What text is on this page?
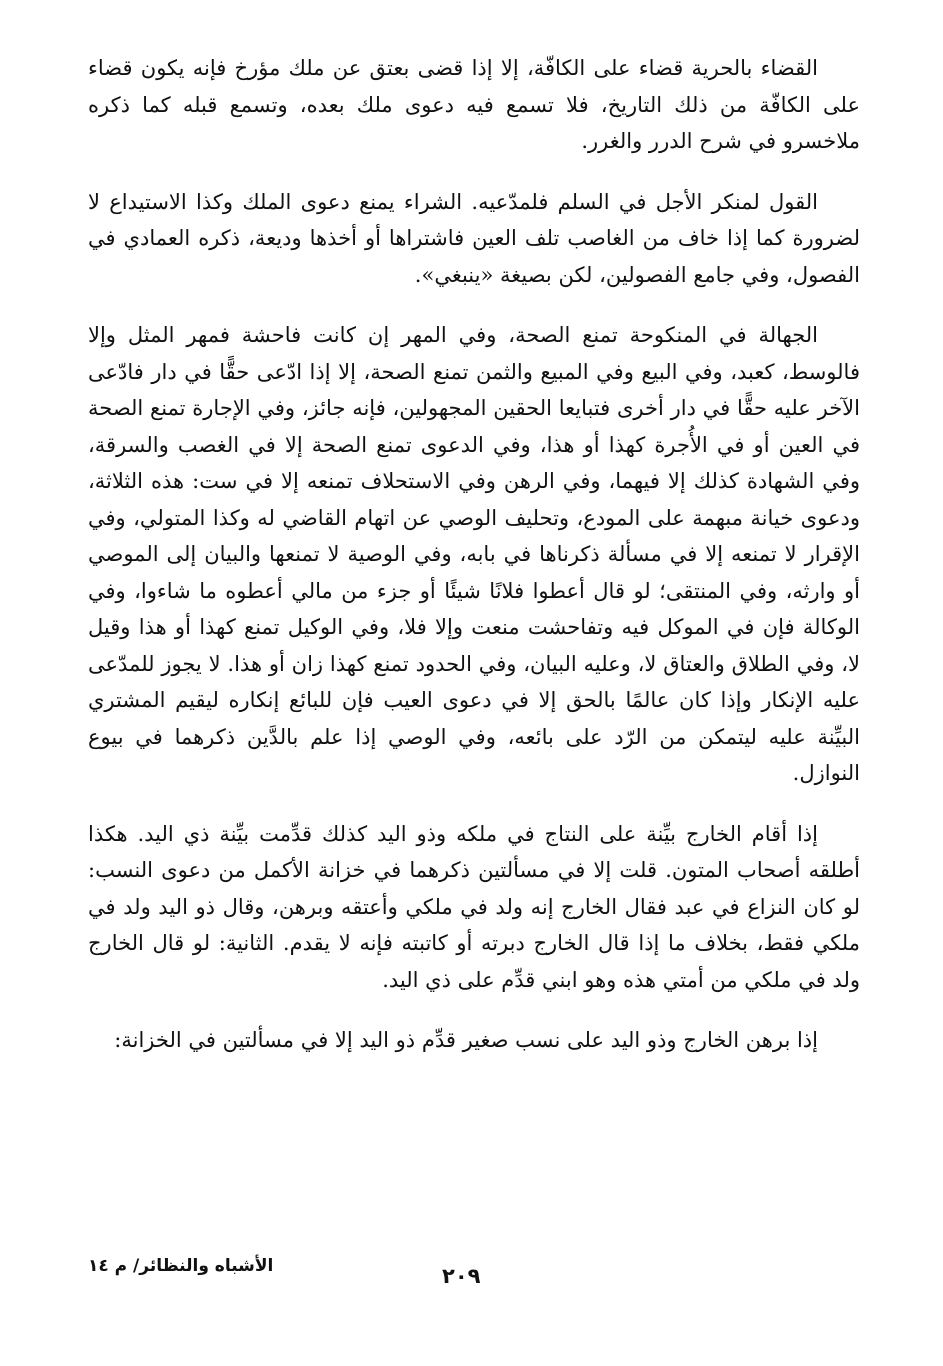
القضاء بالحرية قضاء على الكافّة، إلا إذا قضى بعتق عن ملك مؤرخ فإنه يكون قضاء على الكافّة من ذلك التاريخ، فلا تسمع فيه دعوى ملك بعده، وتسمع قبله كما ذكره ملاخسرو في شرح الدرر والغرر.

القول لمنكر الأجل في السلم فلمدّعيه. الشراء يمنع دعوى الملك وكذا الاستيداع لا لضرورة كما إذا خاف من الغاصب تلف العين فاشتراها أو أخذها وديعة، ذكره العمادي في الفصول، وفي جامع الفصولين، لكن بصيغة «ينبغي».

الجهالة في المنكوحة تمنع الصحة، وفي المهر إن كانت فاحشة فمهر المثل وإلا فالوسط، كعبد، وفي البيع وفي المبيع والثمن تمنع الصحة، إلا إذا ادّعى حقًّا في دار فادّعى الآخر عليه حقًّا في دار أخرى فتبايعا الحقين المجهولين، فإنه جائز، وفي الإجارة تمنع الصحة في العين أو في الأُجرة كهذا أو هذا، وفي الدعوى تمنع الصحة إلا في الغصب والسرقة، وفي الشهادة كذلك إلا فيهما، وفي الرهن وفي الاستحلاف تمنعه إلا في ست: هذه الثلاثة، ودعوى خيانة مبهمة على المودع، وتحليف الوصي عن اتهام القاضي له وكذا المتولي، وفي الإقرار لا تمنعه إلا في مسألة ذكرناها في بابه، وفي الوصية لا تمنعها والبيان إلى الموصي أو وارثه، وفي المنتقى؛ لو قال أعطوا فلانًا شيئًا أو جزء من مالي أعطوه ما شاءوا، وفي الوكالة فإن في الموكل فيه وتفاحشت منعت وإلا فلا، وفي الوكيل تمنع كهذا أو هذا وقيل لا، وفي الطلاق والعتاق لا، وعليه البيان، وفي الحدود تمنع كهذا زان أو هذا. لا يجوز للمدّعى عليه الإنكار وإذا كان عالمًا بالحق إلا في دعوى العيب فإن للبائع إنكاره ليقيم المشتري البيِّنة عليه ليتمكن من الرّد على بائعه، وفي الوصي إذا علم بالدَّين ذكرهما في بيوع النوازل.

إذا أقام الخارج بيِّنة على النتاج في ملكه وذو اليد كذلك قدِّمت بيِّنة ذي اليد. هكذا أطلقه أصحاب المتون. قلت إلا في مسألتين ذكرهما في خزانة الأكمل من دعوى النسب: لو كان النزاع في عبد فقال الخارج إنه ولد في ملكي وأعتقه وبرهن، وقال ذو اليد ولد في ملكي فقط، بخلاف ما إذا قال الخارج دبرته أو كاتبته فإنه لا يقدم. الثانية: لو قال الخارج ولد في ملكي من أمتي هذه وهو ابني قدِّم على ذي اليد.

إذا برهن الخارج وذو اليد على نسب صغير قدِّم ذو اليد إلا في مسألتين في الخزانة:

الأشباه والنظائر/ م ١٤	٢٠٩
